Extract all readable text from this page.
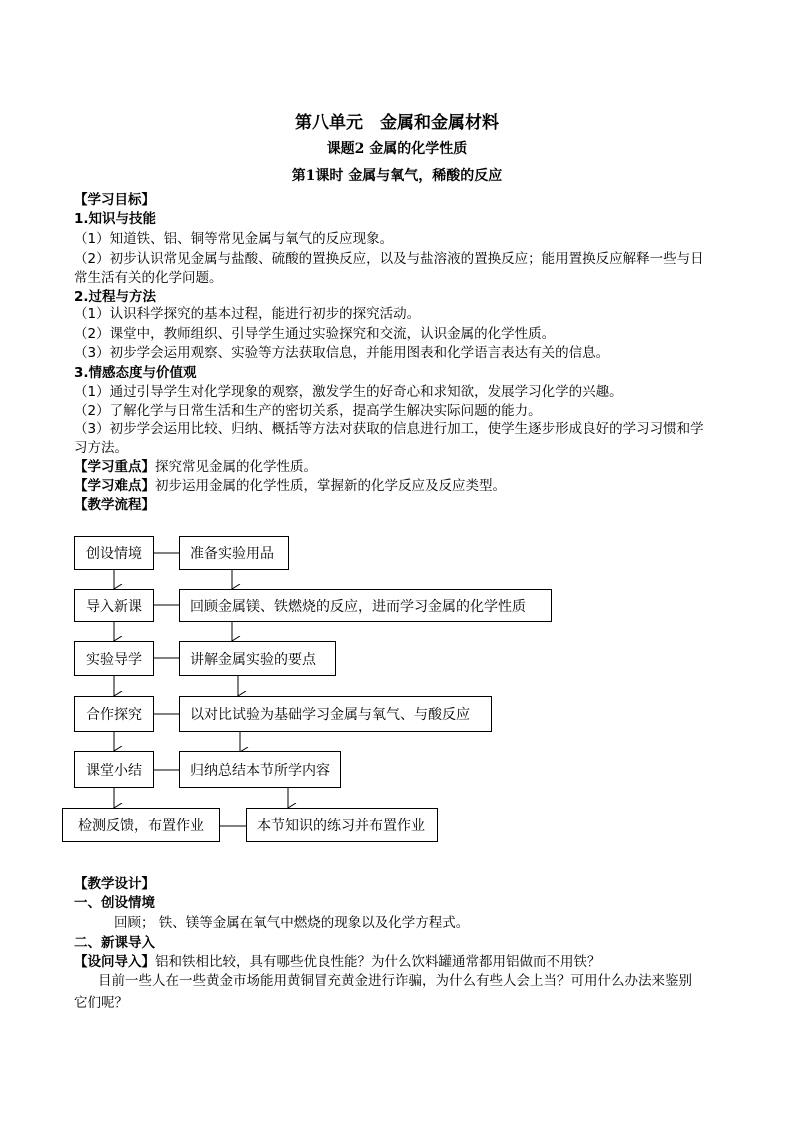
第八单元　金属和金属材料
课题2 金属的化学性质
第1课时 金属与氧气，稀酸的反应
【学习目标】
1.知识与技能
（1）知道铁、铝、铜等常见金属与氧气的反应现象。
（2）初步认识常见金属与盐酸、硫酸的置换反应，以及与盐溶液的置换反应；能用置换反应解释一些与日
常生活有关的化学问题。
2.过程与方法
（1）认识科学探究的基本过程，能进行初步的探究活动。
（2）课堂中，教师组织、引导学生通过实验探究和交流，认识金属的化学性质。
（3）初步学会运用观察、实验等方法获取信息，并能用图表和化学语言表达有关的信息。
3.情感态度与价值观
（1）通过引导学生对化学现象的观察，激发学生的好奇心和求知欲，发展学习化学的兴趣。
（2）了解化学与日常生活和生产的密切关系，提高学生解决实际问题的能力。
（3）初步学会运用比较、归纳、概括等方法对获取的信息进行加工，使学生逐步形成良好的学习习惯和学
习方法。
【学习重点】探究常见金属的化学性质。
【学习难点】初步运用金属的化学性质，掌握新的化学反应及反应类型。
【教学流程】
创设情境
导入新课
实验导学
合作探究
课堂小结
检测反馈，布置作业
准备实验用品
回顾金属镁、铁燃烧的反应，进而学习金属的化学性质
讲解金属实验的要点
以对比试验为基础学习金属与氧气、与酸反应
归纳总结本节所学内容
本节知识的练习并布置作业
【教学设计】
一、创设情境
回顾； 铁、镁等金属在氧气中燃烧的现象以及化学方程式。
二、新课导入
【设问导入】铝和铁相比较，具有哪些优良性能？为什么饮料罐通常都用铝做而不用铁？
目前一些人在一些黄金市场能用黄铜冒充黄金进行诈骗，为什么有些人会上当？可用什么办法来鉴别
它们呢？
